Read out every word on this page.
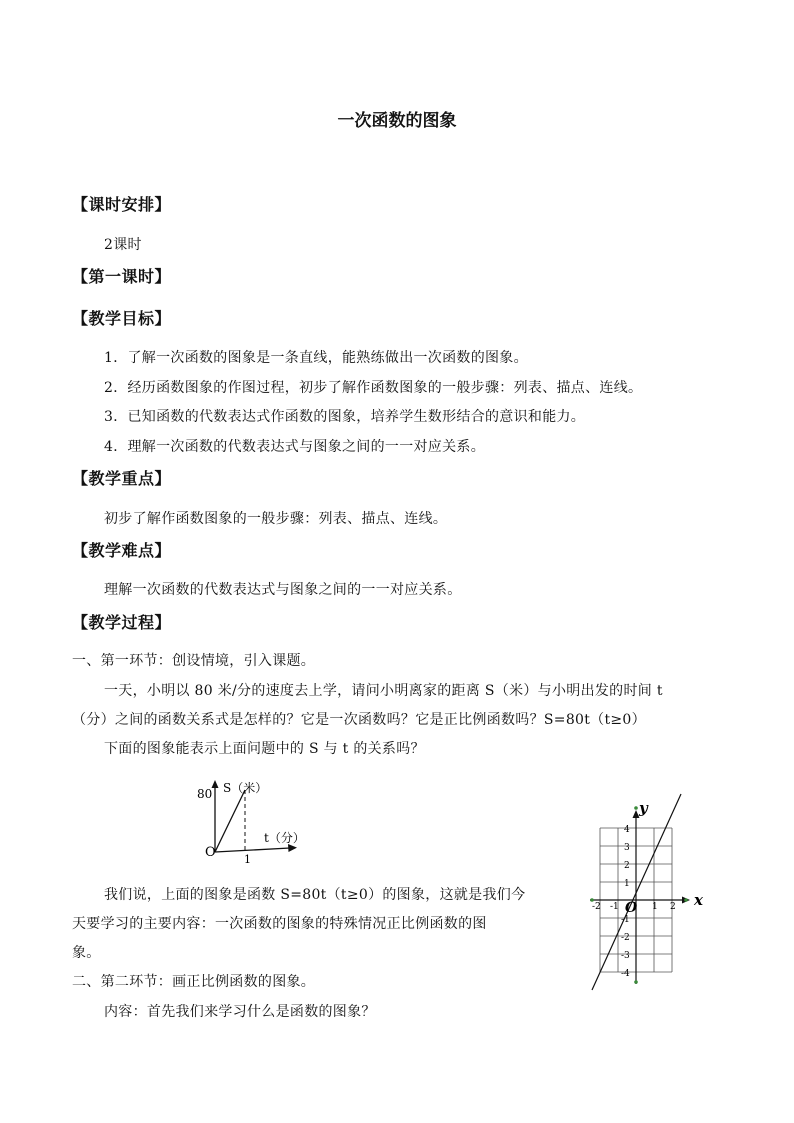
一次函数的图象
【课时安排】
2课时
【第一课时】
【教学目标】
1．了解一次函数的图象是一条直线，能熟练做出一次函数的图象。
2．经历函数图象的作图过程，初步了解作函数图象的一般步骤：列表、描点、连线。
3．已知函数的代数表达式作函数的图象，培养学生数形结合的意识和能力。
4．理解一次函数的代数表达式与图象之间的一一对应关系。
【教学重点】
初步了解作函数图象的一般步骤：列表、描点、连线。
【教学难点】
理解一次函数的代数表达式与图象之间的一一对应关系。
【教学过程】
一、第一环节：创设情境，引入课题。
一天，小明以 80 米/分的速度去上学，请问小明离家的距离 S（米）与小明出发的时间 t
（分）之间的函数关系式是怎样的？它是一次函数吗？它是正比例函数吗？S=80t（t≥0）
下面的图象能表示上面问题中的 S 与 t 的关系吗？
80 S（米）
t（分）
O	1
我们说，上面的图象是函数 S=80t（t≥0）的图象，这就是我们今
天要学习的主要内容：一次函数的图象的特殊情况正比例函数的图
象。
二、第二环节：画正比例函数的图象。
内容：首先我们来学习什么是函数的图象？
x
y
O
-2 -1	1 2
4
3
2
1
-1
-2
-3
-4
